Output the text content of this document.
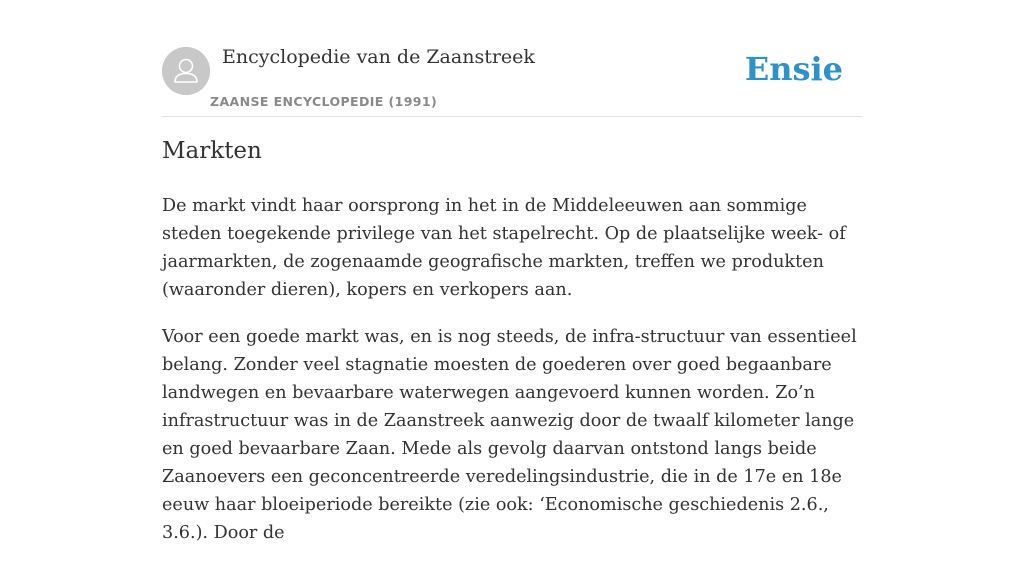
Encyclopedie van de Zaanstreek
ZAANSE ENCYCLOPEDIE (1991)
Ensie
Markten

De markt vindt haar oorsprong in het in de Middeleeuwen aan sommige steden toegekende privilege van het stapelrecht. Op de plaatselijke week- of jaarmarkten, de zogenaamde geografische markten, treffen we produkten (waaronder dieren), kopers en verkopers aan.

Voor een goede markt was, en is nog steeds, de infra-structuur van essentieel belang. Zonder veel stagnatie moesten de goederen over goed begaanbare landwegen en bevaarbare waterwegen aangevoerd kunnen worden. Zo’n infrastructuur was in de Zaanstreek aanwezig door de twaalf kilometer lange en goed bevaarbare Zaan. Mede als gevolg daarvan ontstond langs beide Zaanoevers een geconcentreerde veredelingsindustrie, die in de 17e en 18e eeuw haar bloeiperiode bereikte (zie ook: ‘Economische geschiedenis 2.6., 3.6.). Door de
